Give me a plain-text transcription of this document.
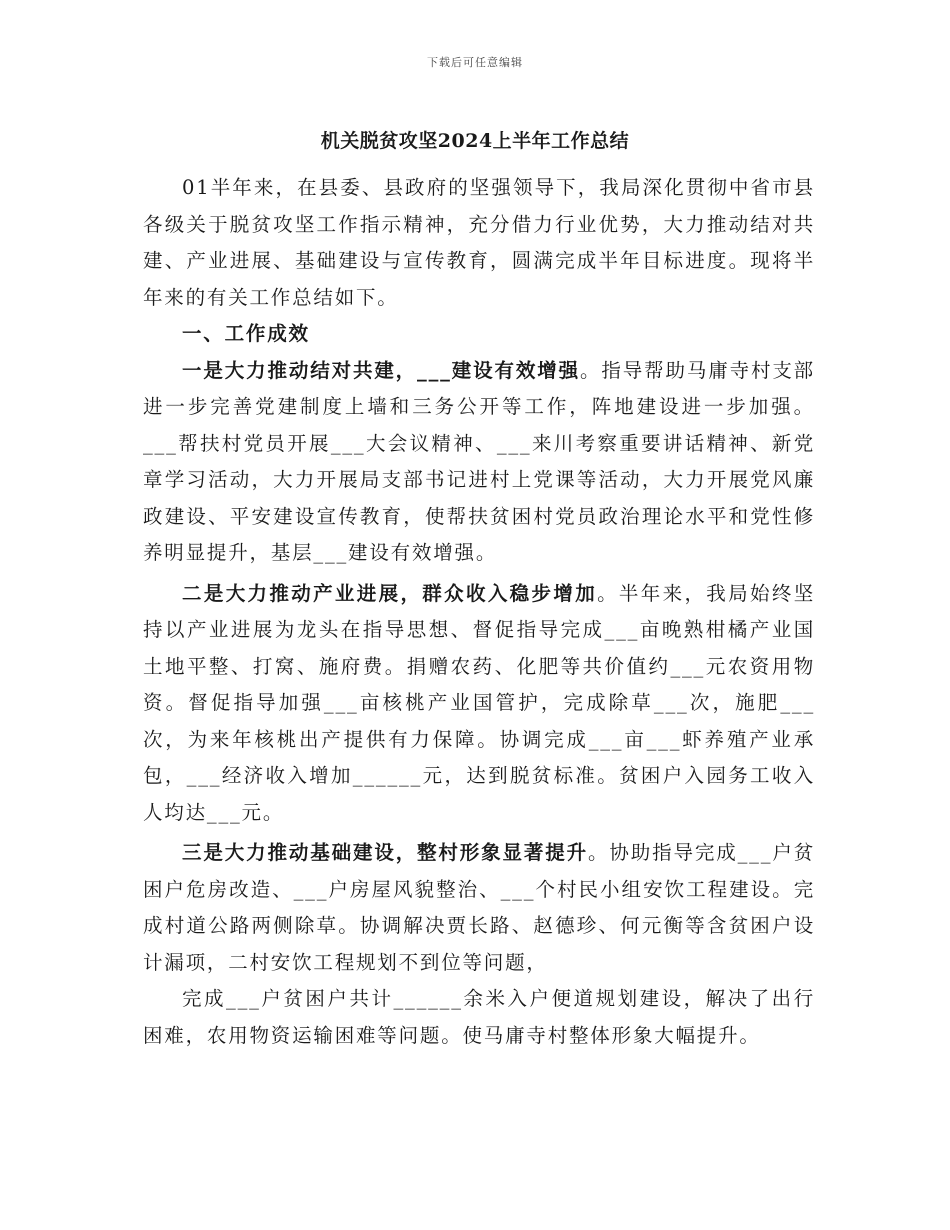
下载后可任意编辑
机关脱贫攻坚2024上半年工作总结

01半年来，在县委、县政府的坚强领导下，我局深化贯彻中省市县各级关于脱贫攻坚工作指示精神，充分借力行业优势，大力推动结对共建、产业进展、基础建设与宣传教育，圆满完成半年目标进度。现将半年来的有关工作总结如下。

一、工作成效

一是大力推动结对共建，___建设有效增强。指导帮助马庸寺村支部进一步完善党建制度上墙和三务公开等工作，阵地建设进一步加强。___帮扶村党员开展___大会议精神、___来川考察重要讲话精神、新党章学习活动，大力开展局支部书记进村上党课等活动，大力开展党风廉政建设、平安建设宣传教育，使帮扶贫困村党员政治理论水平和党性修养明显提升，基层___建设有效增强。

二是大力推动产业进展，群众收入稳步增加。半年来，我局始终坚持以产业进展为龙头在指导思想、督促指导完成___亩晚熟柑橘产业国土地平整、打窝、施府费。捐赠农药、化肥等共价值约___元农资用物资。督促指导加强___亩核桃产业国管护，完成除草___次，施肥___次，为来年核桃出产提供有力保障。协调完成___亩___虾养殖产业承包，___经济收入增加______元，达到脱贫标准。贫困户入园务工收入人均达___元。

三是大力推动基础建设，整村形象显著提升。协助指导完成___户贫困户危房改造、___户房屋风貌整治、___个村民小组安饮工程建设。完成村道公路两侧除草。协调解决贾长路、赵德珍、何元衡等含贫困户设计漏项，二村安饮工程规划不到位等问题，

完成___户贫困户共计______余米入户便道规划建设，解决了出行困难，农用物资运输困难等问题。使马庸寺村整体形象大幅提升。
